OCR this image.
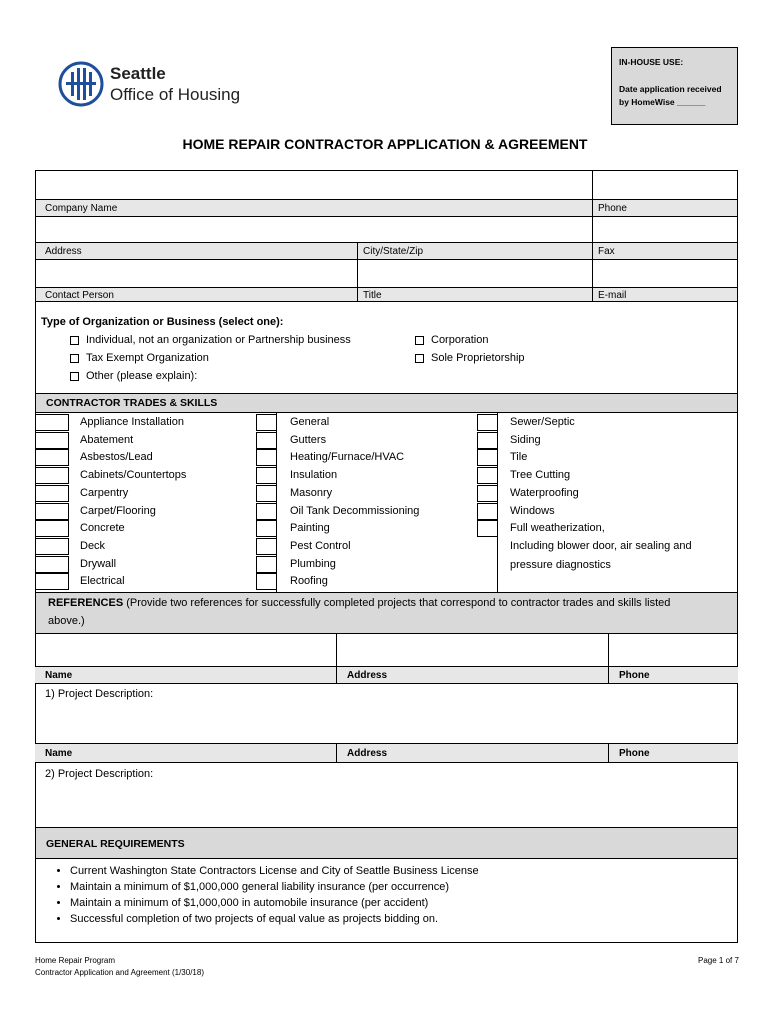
Seattle
Office of Housing
IN-HOUSE USE:
Date application received
by HomeWise ______
HOME REPAIR CONTRACTOR APPLICATION & AGREEMENT
Company Name	Phone
Address	City/State/Zip	Fax
Contact Person	Title	E-mail
Type of Organization or Business (select one):
Individual, not an organization or Partnership business
Tax Exempt Organization
Other (please explain):
Corporation
Sole Proprietorship
CONTRACTOR TRADES & SKILLS
Appliance Installation
Abatement
Asbestos/Lead
Cabinets/Countertops
Carpentry
Carpet/Flooring
Concrete
Deck
Drywall
Electrical
General
Gutters
Heating/Furnace/HVAC
Insulation
Masonry
Oil Tank Decommissioning
Painting
Pest Control
Plumbing
Roofing
Sewer/Septic
Siding
Tile
Tree Cutting
Waterproofing
Windows
Full weatherization,
Including blower door, air sealing and
pressure diagnostics
REFERENCES (Provide two references for successfully completed projects that correspond to contractor trades and skills listed
above.)
Name	Address	Phone
1) Project Description:
Name	Address	Phone
2) Project Description:
GENERAL REQUIREMENTS
• Current Washington State Contractors License and City of Seattle Business License
• Maintain a minimum of $1,000,000 general liability insurance (per occurrence)
• Maintain a minimum of $1,000,000 in automobile insurance (per accident)
• Successful completion of two projects of equal value as projects bidding on.
Home Repair Program
Contractor Application and Agreement (1/30/18)
Page 1 of 7
